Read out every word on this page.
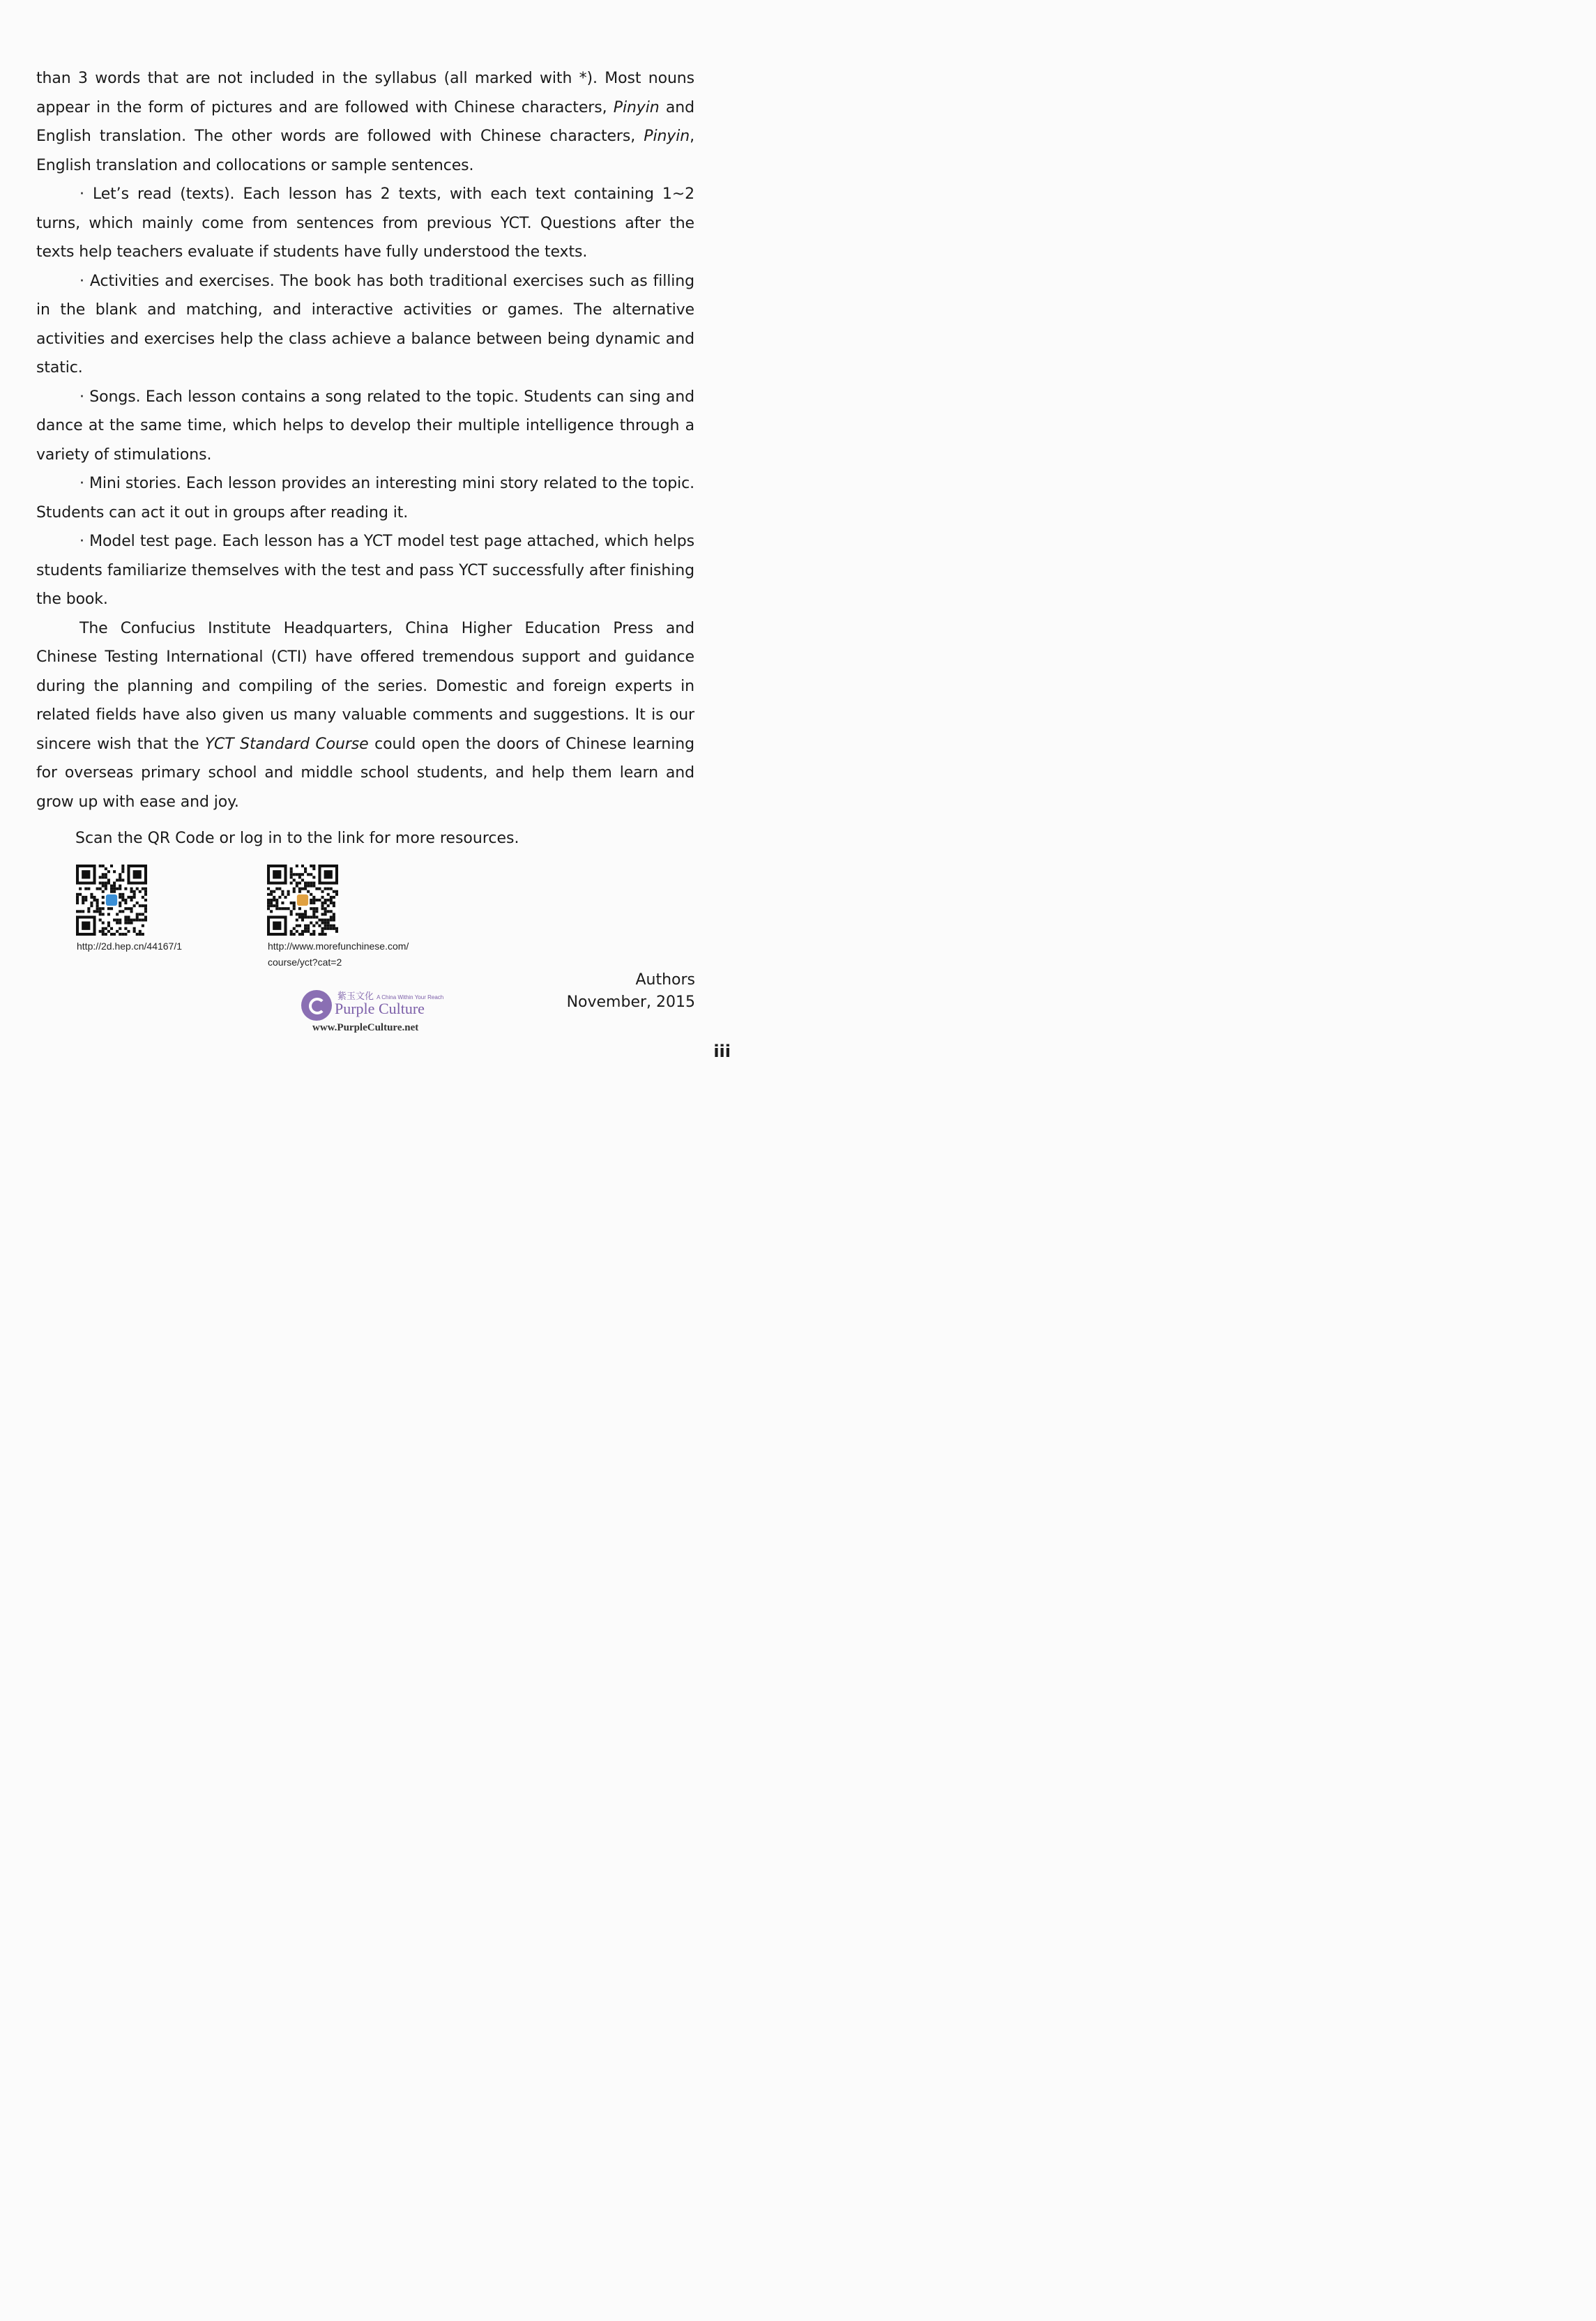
than 3 words that are not included in the syllabus (all marked with *). Most nouns appear in the form of pictures and are followed with Chinese characters, Pinyin and English translation. The other words are followed with Chinese characters, Pinyin, English translation and collocations or sample sentences.

· Let’s read (texts). Each lesson has 2 texts, with each text containing 1~2 turns, which mainly come from sentences from previous YCT. Questions after the texts help teachers evaluate if students have fully understood the texts.

· Activities and exercises. The book has both traditional exercises such as filling in the blank and matching, and interactive activities or games. The alternative activities and exercises help the class achieve a balance between being dynamic and static.

· Songs. Each lesson contains a song related to the topic. Students can sing and dance at the same time, which helps to develop their multiple intelligence through a variety of stimulations.

· Mini stories. Each lesson provides an interesting mini story related to the topic. Students can act it out in groups after reading it.

· Model test page. Each lesson has a YCT model test page attached, which helps students familiarize themselves with the test and pass YCT successfully after finishing the book.

The Confucius Institute Headquarters, China Higher Education Press and Chinese Testing International (CTI) have offered tremendous support and guidance during the planning and compiling of the series. Domestic and foreign experts in related fields have also given us many valuable comments and suggestions. It is our sincere wish that the YCT Standard Course could open the doors of Chinese learning for overseas primary school and middle school students, and help them learn and grow up with ease and joy.

Scan the QR Code or log in to the link for more resources.
http://2d.hep.cn/44167/1	http://www.morefunchinese.com/
course/yct?cat=2
紫玉文化 A China Within Your Reach
Purple Culture
www.PurpleCulture.net
Authors
November, 2015
iii
